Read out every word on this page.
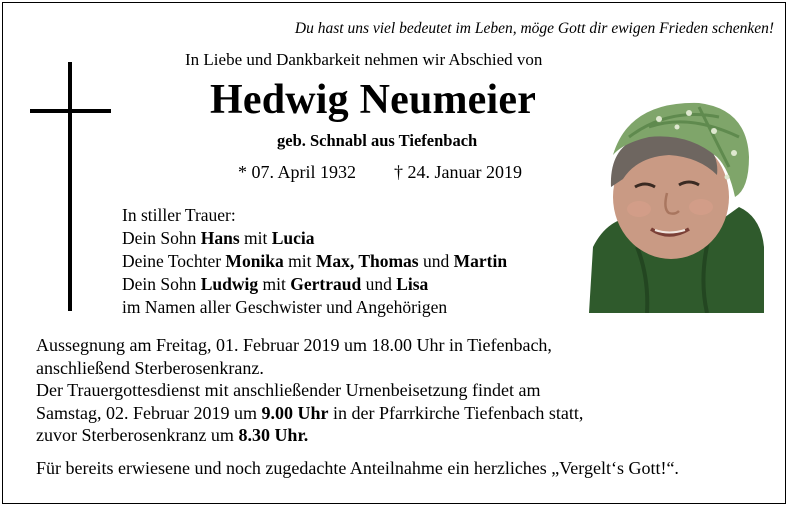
Du hast uns viel bedeutet im Leben, möge Gott dir ewigen Frieden schenken!
In Liebe und Dankbarkeit nehmen wir Abschied von
Hedwig Neumeier
geb. Schnabl aus Tiefenbach
* 07. April 1932 † 24. Januar 2019
In stiller Trauer:
Dein Sohn Hans mit Lucia
Deine Tochter Monika mit Max, Thomas und Martin
Dein Sohn Ludwig mit Gertraud und Lisa
im Namen aller Geschwister und Angehörigen
Aussegnung am Freitag, 01. Februar 2019 um 18.00 Uhr in Tiefenbach,
anschließend Sterberosenkranz.
Der Trauergottesdienst mit anschließender Urnenbeisetzung findet am
Samstag, 02. Februar 2019 um 9.00 Uhr in der Pfarrkirche Tiefenbach statt,
zuvor Sterberosenkranz um 8.30 Uhr.
Für bereits erwiesene und noch zugedachte Anteilnahme ein herzliches „Vergelt‘s Gott!“.
